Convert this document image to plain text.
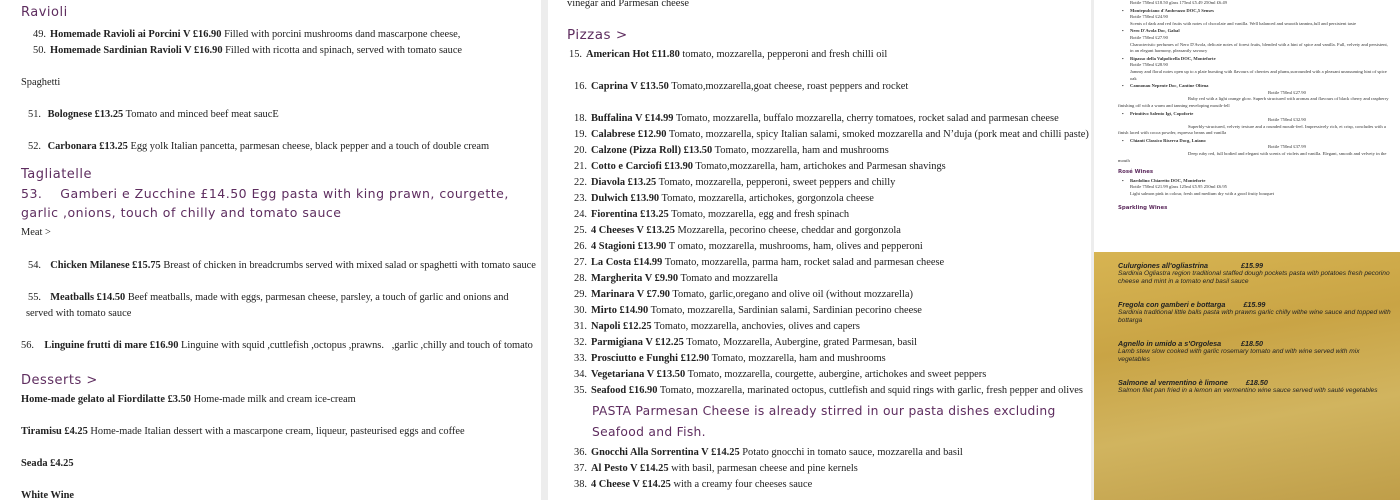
Ravioli
49. Homemade Ravioli ai Porcini V £16.90 Filled with porcini mushrooms dand mascarpone cheese,
50. Homemade Sardinian Ravioli V £16.90 Filled with ricotta and spinach, served with tomato sauce
Spaghetti
51. Bolognese £13.25 Tomato and minced beef meat saucE
52. Carbonara £13.25 Egg yolk Italian pancetta, parmesan cheese, black pepper and a touch of double cream
Tagliatelle
53.    Gamberi e Zucchine £14.50 Egg pasta with king prawn, courgette, garlic ,onions, touch of chilly and tomato sauce
Meat >
54. Chicken Milanese £15.75 Breast of chicken in breadcrumbs served with mixed salad or spaghetti with tomato sauce
55. Meatballs £14.50 Beef meatballs, made with eggs, parmesan cheese, parsley, a touch of garlic and onions and served with tomato sauce
56. Linguine frutti di mare £16.90 Linguine with squid ,cuttlefish ,octopus ,prawns.   ,garlic ,chilly and touch of tomato
Desserts >
Home-made gelato al Fiordilatte £3.50 Home-made milk and cream ice-cream
Tiramisu £4.25 Home-made Italian dessert with a mascarpone cream, liqueur, pasteurised eggs and coffee
Seada £4.25
White Wine
vinegar and Parmesan cheese
Pizzas >
15. American Hot £11.80 tomato, mozzarella, pepperoni and fresh chilli oil
16. Caprina V £13.50 Tomato,mozzarella,goat cheese, roast peppers and rocket
18. Buffalina V £14.99 Tomato, mozzarella, buffalo mozzarella, cherry tomatoes, rocket salad and parmesan cheese
19. Calabrese £12.90 Tomato, mozzarella, spicy Italian salami, smoked mozzarella and N’duja (pork meat and chilli paste)
20. Calzone (Pizza Roll) £13.50 Tomato, mozzarella, ham and mushrooms
21. Cotto e Carciofi £13.90 Tomato,mozzarella, ham, artichokes and Parmesan shavings
22. Diavola £13.25 Tomato, mozzarella, pepperoni, sweet peppers and chilly
23. Dulwich £13.90 Tomato, mozzarella, artichokes, gorgonzola cheese
24. Fiorentina £13.25 Tomato, mozzarella, egg and fresh spinach
25. 4 Cheeses V £13.25 Mozzarella, pecorino cheese, cheddar and gorgonzola
26. 4 Stagioni £13.90 T omato, mozzarella, mushrooms, ham, olives and pepperoni
27. La Costa £14.99 Tomato, mozzarella, parma ham, rocket salad and parmesan cheese
28. Margherita V £9.90 Tomato and mozzarella
29. Marinara V £7.90 Tomato, garlic,oregano and olive oil (without mozzarella)
30. Mirto £14.90 Tomato, mozzarella, Sardinian salami, Sardinian pecorino cheese
31. Napoli £12.25 Tomato, mozzarella, anchovies, olives and capers
32. Parmigiana V £12.25 Tomato, Mozzarella, Aubergine, grated Parmesan, basil
33. Prosciutto e Funghi £12.90 Tomato, mozzarella, ham and mushrooms
34. Vegetariana V £13.50 Tomato, mozzarella, courgette, aubergine, artichokes and sweet peppers
35. Seafood £16.90 Tomato, mozzarella, marinated octopus, cuttlefish and squid rings with garlic, fresh pepper and olives
PASTA Parmesan Cheese is already stirred in our pasta dishes excluding Seafood and Fish.
36. Gnocchi Alla Sorrentina V £14.25 Potato gnocchi in tomato sauce, mozzarella and basil
37. Al Pesto V £14.25 with basil, parmesan cheese and pine kernels
38. 4 Cheese V £14.25 with a creamy four cheeses sauce
Bottle 750ml £18.50 glass 175ml £5.49 250ml £6.49
• Montepulciano d'Ambruzzo DOC,5 Senses
Bottle 750ml £24.90
Scents of dark and red fruits with notes of chocolate and vanilla. Well balanced and smooth tannins,full and persistent taste
• Nero D'Avola Doc, Gabal
Bottle 750ml £27.90
Characteristic perfumes of Nero D'Avola, delicate notes of forest fruits, blended with a hint of spice and vanilla. Full, velvety and persistent, in an elegant harmony, pleasantly savoury
• Ripasso della Valpolicella DOC, Monteforte
Bottle 750ml £28.90
Jammy and floral notes open up to a plate bursting with flavours of cherries and plums,surrounded with a pleasant unassuming hint of spice oak
• Cannonau Nepente Doc, Cantine Oliena
Bottle 750ml £27.90
Ruby red with a light orange glow. Superb structured with aromas and flavours of black cherry and raspberry finishing off with a warm and tanning enveloping mouth-fell
• Primitivo Salento Igt, Copoforte
Bottle 750ml £32.90
Superbly-structured, velvety texture and a rounded mouth-feel. Impressively rich, et crisp, concludes with a finish laced with cocoa powder, espresso beans and vanilla
• Chianti Classico Riserva Docg, Luiano
Bottle 750ml £37.99
Deep ruby red, full bodied and elegant with scents of violets and vanilla. Elegant, smooth and velvety in the mouth
Rosé Wines
• Bardolino Chiaretto DOC, Monteforte
Bottle 750ml £21.99 glass 125ml £5.95 250ml £6.95
Light salmon pink in colour, fresh and medium dry with a good fruity bouquet
Sparkling Wines
Culurgiones all'ogliastrina	£15.99
Sardinia Ogliastra region traditional staffed dough pockets pasta with potatoes fresh pecorino cheese and mint in a tomato end basil sauce
Fregola con gamberi e bottarga	£15.99
Sardinia traditional little balls pasta with prawns garlic chilly withe wine sauce and topped with bottarga
Agnello in umido a s'Orgolesa	£18.50
Lamb stew slow cooked with garlic rosemary tomato and with wine served with mix vegetables
Salmone al vermentino è limone	£18.50
Salmon filet pan fried in a lemon an vermentino wine sauce served with sauté vegetables
